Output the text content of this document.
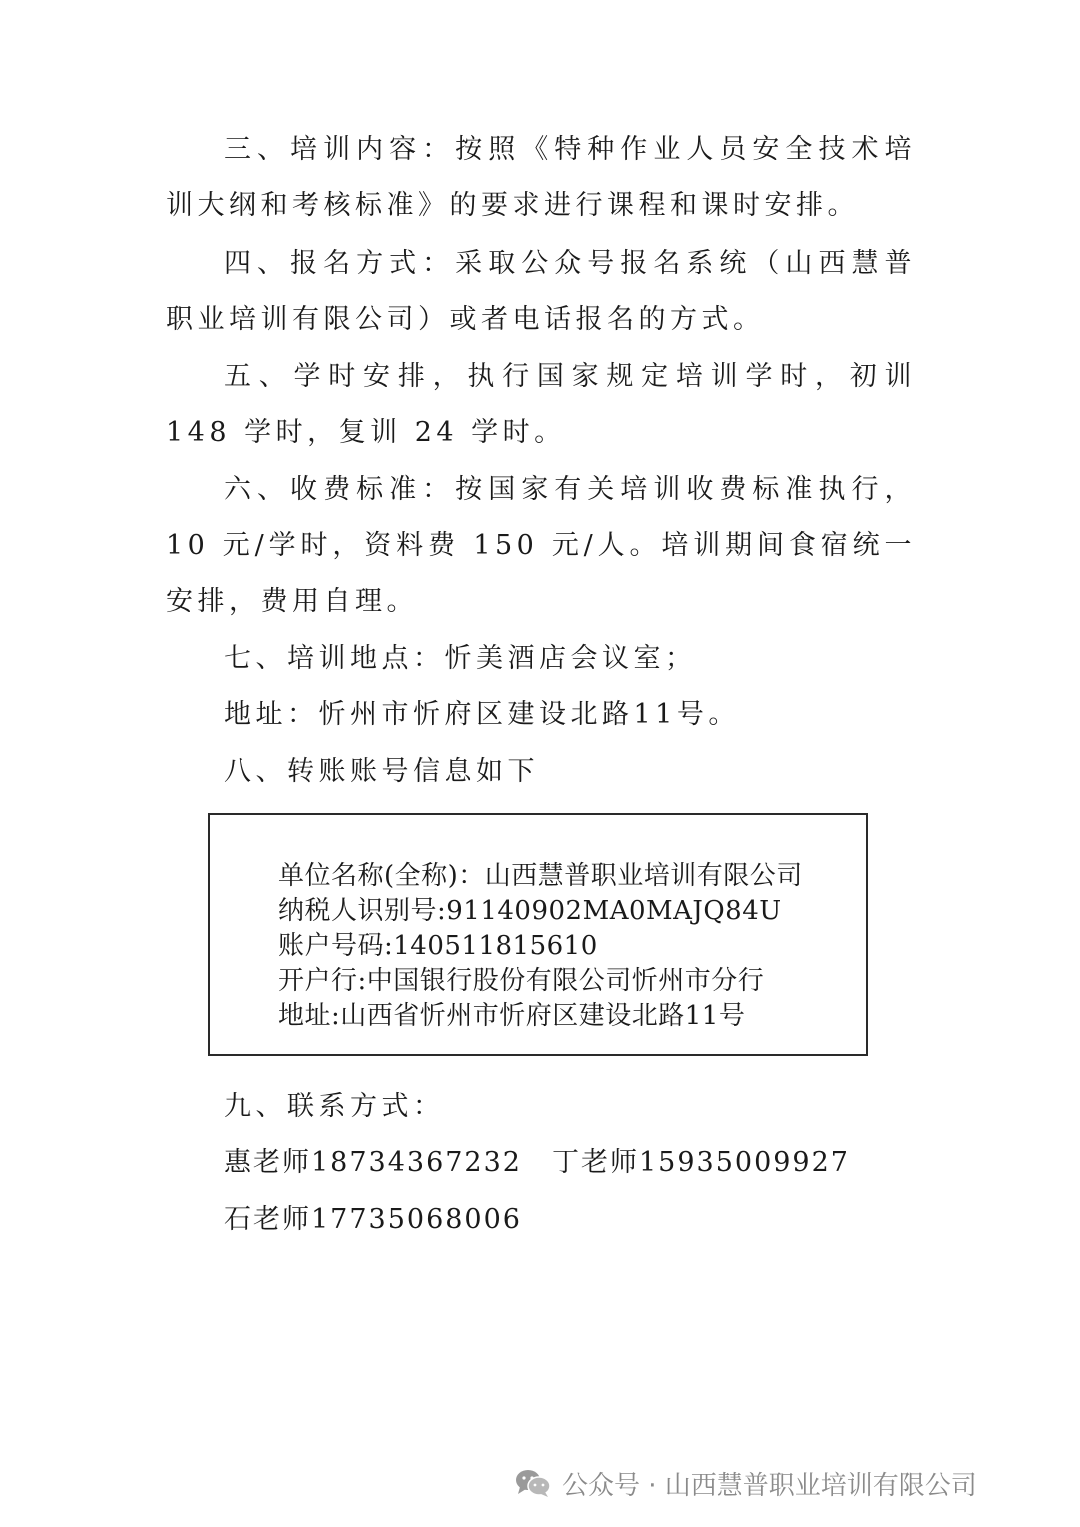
三、培训内容：按照《特种作业人员安全技术培训大纲和考核标准》的要求进行课程和课时安排。

四、报名方式：采取公众号报名系统（山西慧普职业培训有限公司）或者电话报名的方式。

五、学时安排，执行国家规定培训学时，初训 148 学时，复训 24 学时。

六、收费标准：按国家有关培训收费标准执行，10 元/学时，资料费 150 元/人。培训期间食宿统一安排，费用自理。

七、培训地点：忻美酒店会议室；

地址：忻州市忻府区建设北路11号。

八、转账账号信息如下

单位名称(全称)：山西慧普职业培训有限公司

纳税人识别号:91140902MA0MAJQ84U

账户号码:140511815610

开户行:中国银行股份有限公司忻州市分行

地址:山西省忻州市忻府区建设北路11号

九、联系方式：

惠老师18734367232 丁老师15935009927

石老师17735068006

公众号 · 山西慧普职业培训有限公司
